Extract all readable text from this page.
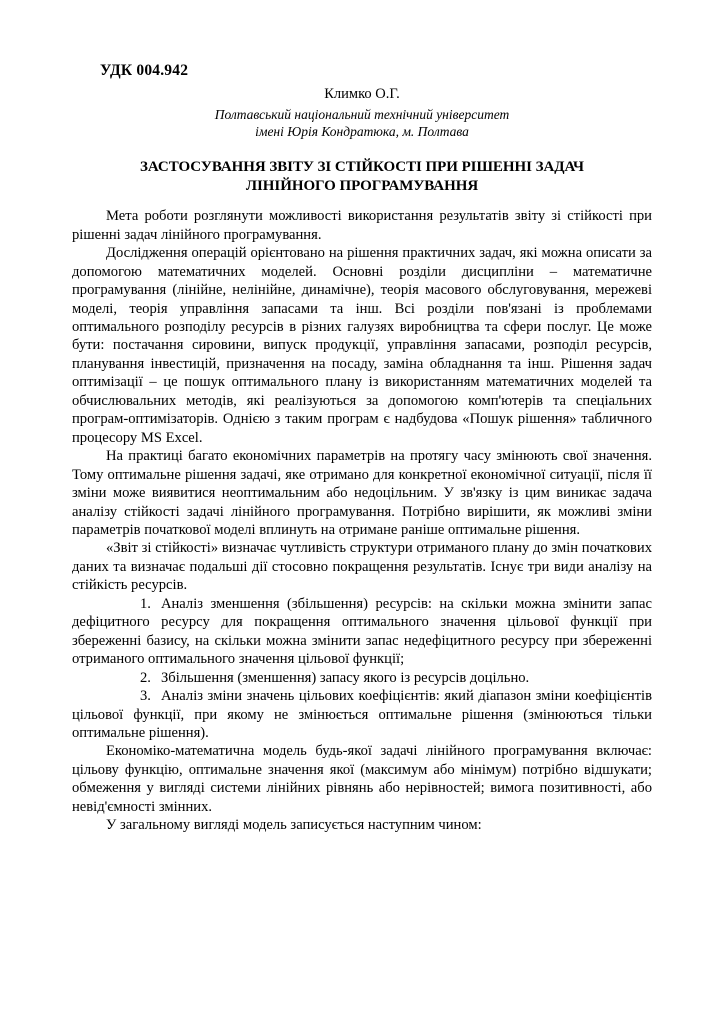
УДК 004.942
Климко О.Г.
Полтавський національний технічний університет
імені Юрія Кондратюка, м. Полтава
ЗАСТОСУВАННЯ ЗВІТУ ЗІ СТІЙКОСТІ ПРИ РІШЕННІ ЗАДАЧ
ЛІНІЙНОГО ПРОГРАМУВАННЯ

Мета роботи розглянути можливості використання результатів звіту зі стійкості при рішенні задач лінійного програмування.

Дослідження операцій орієнтовано на рішення практичних задач, які можна описати за допомогою математичних моделей. Основні розділи дисципліни – математичне програмування (лінійне, нелінійне, динамічне), теорія масового обслуговування, мережеві моделі, теорія управління запасами та інш. Всі розділи пов'язані із проблемами оптимального розподілу ресурсів в різних галузях виробництва та сфери послуг. Це може бути: постачання сировини, випуск продукції, управління запасами, розподіл ресурсів, планування інвестицій, призначення на посаду, заміна обладнання та інш. Рішення задач оптимізації – це пошук оптимального плану із використанням математичних моделей та обчислювальних методів, які реалізуються за допомогою комп'ютерів та спеціальних програм-оптимізаторів. Однією з таким програм є надбудова «Пошук рішення» табличного процесору MS Excel.

На практиці багато економічних параметрів на протягу часу змінюють свої значення. Тому оптимальне рішення задачі, яке отримано для конкретної економічної ситуації, після її зміни може виявитися неоптимальним або недоцільним. У зв'язку із цим виникає задача аналізу стійкості задачі лінійного програмування. Потрібно вирішити, як можливі зміни параметрів початкової моделі вплинуть на отримане раніше оптимальне рішення.

«Звіт зі стійкості» визначає чутливість структури отриманого плану до змін початкових даних та визначає подальші дії стосовно покращення результатів. Існує три види аналізу на стійкість ресурсів.

1. Аналіз зменшення (збільшення) ресурсів: на скільки можна змінити запас дефіцитного ресурсу для покращення оптимального значення цільової функції при збереженні базису, на скільки можна змінити запас недефіцитного ресурсу при збереженні отриманого оптимального значення цільової функції;

2. Збільшення (зменшення) запасу якого із ресурсів доцільно.

3. Аналіз зміни значень цільових коефіцієнтів: який діапазон зміни коефіцієнтів цільової функції, при якому не змінюється оптимальне рішення (змінюються тільки оптимальне рішення).

Економіко-математична модель будь-якої задачі лінійного програмування включає: цільову функцію, оптимальне значення якої (максимум або мінімум) потрібно відшукати; обмеження у вигляді системи лінійних рівнянь або нерівностей; вимога позитивності, або невід'ємності змінних.

У загальному вигляді модель записується наступним чином:
